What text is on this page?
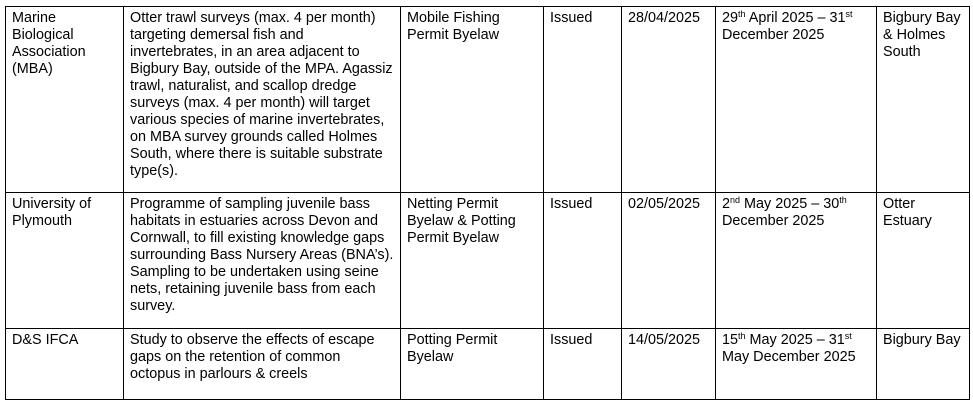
Marine Biological Association (MBA)	Otter trawl surveys (max. 4 per month) targeting demersal fish and invertebrates, in an area adjacent to Bigbury Bay, outside of the MPA. Agassiz trawl, naturalist, and scallop dredge surveys (max. 4 per month) will target various species of marine invertebrates, on MBA survey grounds called Holmes South, where there is suitable substrate type(s).	Mobile Fishing Permit Byelaw	Issued	28/04/2025	29th April 2025 – 31st December 2025	Bigbury Bay & Holmes South
University of Plymouth	Programme of sampling juvenile bass habitats in estuaries across Devon and Cornwall, to fill existing knowledge gaps surrounding Bass Nursery Areas (BNA’s). Sampling to be undertaken using seine nets, retaining juvenile bass from each survey.	Netting Permit Byelaw & Potting Permit Byelaw	Issued	02/05/2025	2nd May 2025 – 30th December 2025	Otter Estuary
D&S IFCA	Study to observe the effects of escape gaps on the retention of common octopus in parlours & creels	Potting Permit Byelaw	Issued	14/05/2025	15th May 2025 – 31st May December 2025	Bigbury Bay
